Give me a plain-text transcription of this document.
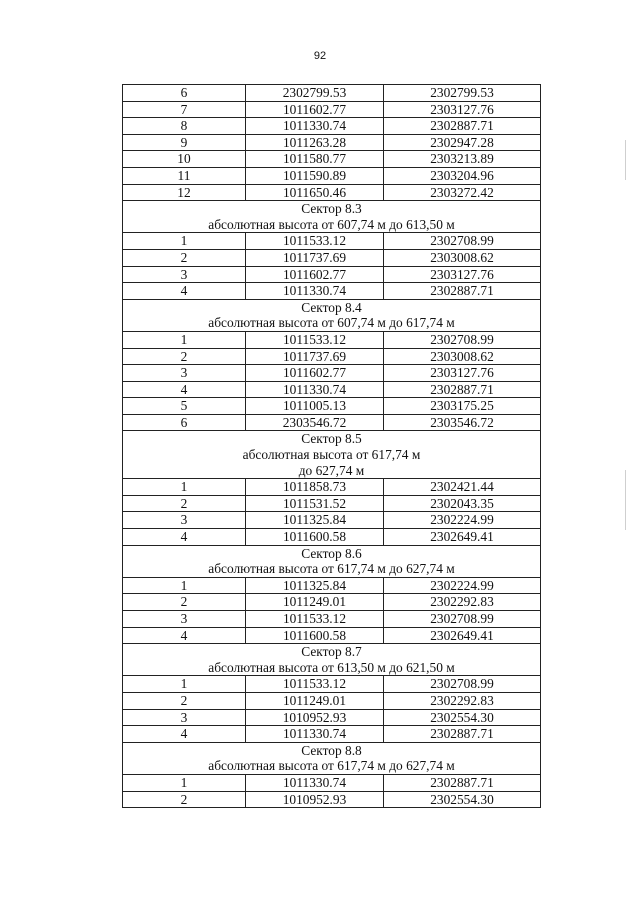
92
6	2302799.53	2302799.53
7	1011602.77	2303127.76
8	1011330.74	2302887.71
9	1011263.28	2302947.28
10	1011580.77	2303213.89
11	1011590.89	2303204.96
12	1011650.46	2303272.42
Сектор 8.3		
абсолютная высота от 607,74 м до 613,50 м		
1	1011533.12	2302708.99
2	1011737.69	2303008.62
3	1011602.77	2303127.76
4	1011330.74	2302887.71
Сектор 8.4		
абсолютная высота от 607,74 м до 617,74 м		
1	1011533.12	2302708.99
2	1011737.69	2303008.62
3	1011602.77	2303127.76
4	1011330.74	2302887.71
5	1011005.13	2303175.25
6	2303546.72	2303546.72
Сектор 8.5		
абсолютная высота от 617,74 м		
до 627,74 м		
1	1011858.73	2302421.44
2	1011531.52	2302043.35
3	1011325.84	2302224.99
4	1011600.58	2302649.41
Сектор 8.6		
абсолютная высота от 617,74 м до 627,74 м		
1	1011325.84	2302224.99
2	1011249.01	2302292.83
3	1011533.12	2302708.99
4	1011600.58	2302649.41
Сектор 8.7		
абсолютная высота от 613,50 м до 621,50 м		
1	1011533.12	2302708.99
2	1011249.01	2302292.83
3	1010952.93	2302554.30
4	1011330.74	2302887.71
Сектор 8.8		
абсолютная высота от 617,74 м до 627,74 м		
1	1011330.74	2302887.71
2	1010952.93	2302554.30
